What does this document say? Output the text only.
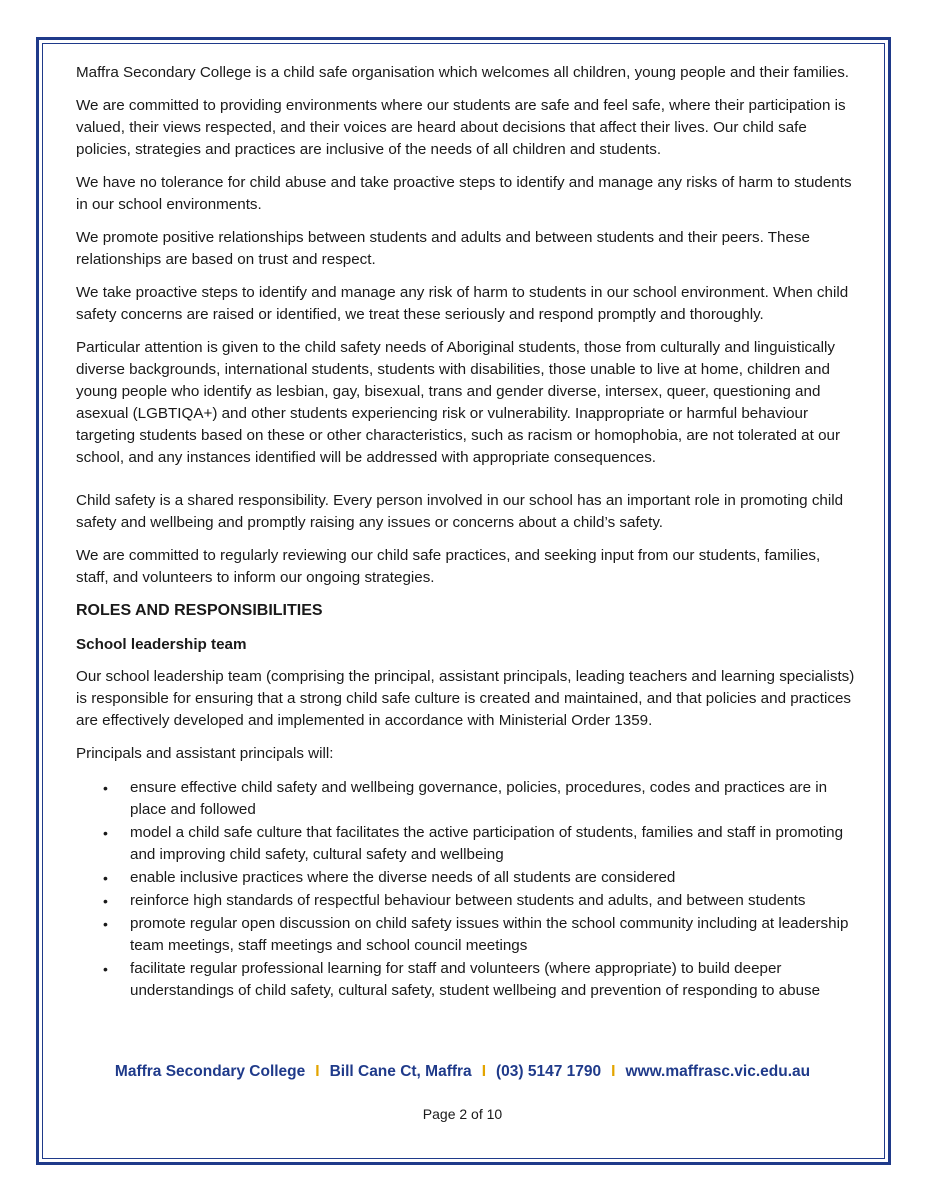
Maffra Secondary College is a child safe organisation which welcomes all children, young people and their families.

We are committed to providing environments where our students are safe and feel safe, where their participation is valued, their views respected, and their voices are heard about decisions that affect their lives. Our child safe policies, strategies and practices are inclusive of the needs of all children and students.

We have no tolerance for child abuse and take proactive steps to identify and manage any risks of harm to students in our school environments.

We promote positive relationships between students and adults and between students and their peers. These relationships are based on trust and respect.

We take proactive steps to identify and manage any risk of harm to students in our school environment. When child safety concerns are raised or identified, we treat these seriously and respond promptly and thoroughly.

Particular attention is given to the child safety needs of Aboriginal students, those from culturally and linguistically diverse backgrounds, international students, students with disabilities, those unable to live at home, children and young people who identify as lesbian, gay, bisexual, trans and gender diverse, intersex, queer, questioning and asexual (LGBTIQA+) and other students experiencing risk or vulnerability. Inappropriate or harmful behaviour targeting students based on these or other characteristics, such as racism or homophobia, are not tolerated at our school, and any instances identified will be addressed with appropriate consequences.

Child safety is a shared responsibility. Every person involved in our school has an important role in promoting child safety and wellbeing and promptly raising any issues or concerns about a child’s safety.

We are committed to regularly reviewing our child safe practices, and seeking input from our students, families, staff, and volunteers to inform our ongoing strategies.

ROLES AND RESPONSIBILITIES
School leadership team

Our school leadership team (comprising the principal, assistant principals, leading teachers and learning specialists) is responsible for ensuring that a strong child safe culture is created and maintained, and that policies and practices are effectively developed and implemented in accordance with Ministerial Order 1359.

Principals and assistant principals will:

• ensure effective child safety and wellbeing governance, policies, procedures, codes and practices are in place and followed
• model a child safe culture that facilitates the active participation of students, families and staff in promoting and improving child safety, cultural safety and wellbeing
• enable inclusive practices where the diverse needs of all students are considered
• reinforce high standards of respectful behaviour between students and adults, and between students
• promote regular open discussion on child safety issues within the school community including at leadership team meetings, staff meetings and school council meetings
• facilitate regular professional learning for staff and volunteers (where appropriate) to build deeper understandings of child safety, cultural safety, student wellbeing and prevention of responding to abuse
Maffra Secondary College I Bill Cane Ct, Maffra I (03) 5147 1790 I www.maffrasc.vic.edu.au
Page 2 of 10
